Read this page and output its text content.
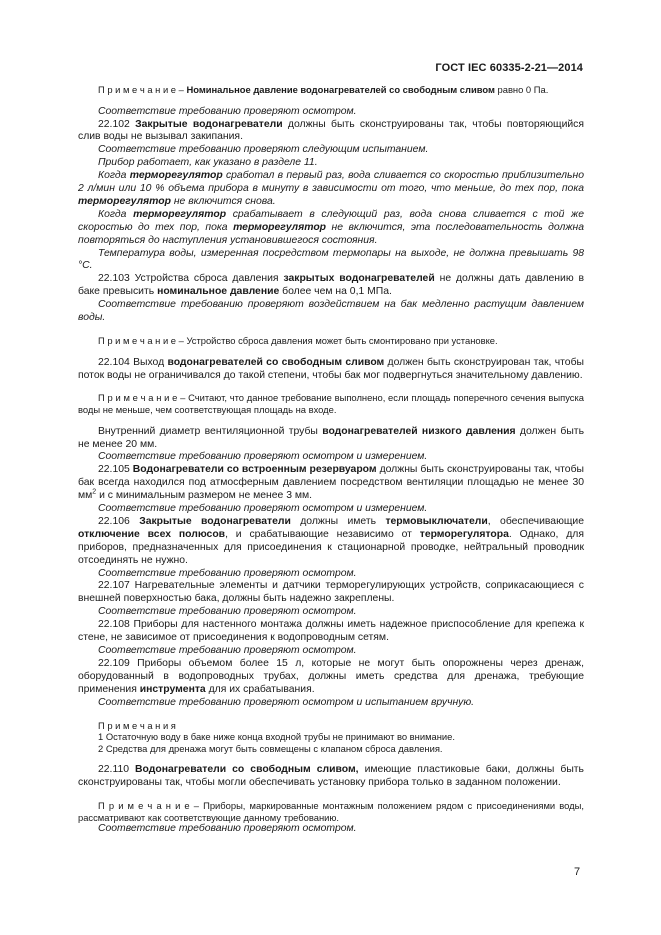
ГОСТ IEC 60335-2-21—2014

П р и м е ч а н и е – Номинальное давление водонагревателей со свободным сливом равно 0 Па.

Соответствие требованию проверяют осмотром.

22.102 Закрытые водонагреватели должны быть сконструированы так, чтобы повторяющийся слив воды не вызывал закипания.

Соответствие требованию проверяют следующим испытанием.

Прибор работает, как указано в разделе 11.

Когда терморегулятор сработал в первый раз, вода сливается со скоростью приблизительно 2 л/мин или 10 % объема прибора в минуту в зависимости от того, что меньше, до тех пор, пока терморегулятор не включится снова.

Когда терморегулятор срабатывает в следующий раз, вода снова сливается с той же скоростью до тех пор, пока терморегулятор не включится, эта последовательность должна повторяться до наступления установившегося состояния.

Температура воды, измеренная посредством термопары на выходе, не должна превышать 98 °С.

22.103 Устройства сброса давления закрытых водонагревателей не должны дать давлению в баке превысить номинальное давление более чем на 0,1 МПа.

Соответствие требованию проверяют воздействием на бак медленно растущим давлением воды.

П р и м е ч а н и е – Устройство сброса давления может быть смонтировано при установке.

22.104 Выход водонагревателей со свободным сливом должен быть сконструирован так, чтобы поток воды не ограничивался до такой степени, чтобы бак мог подвергнуться значительному давлению.

П р и м е ч а н и е – Считают, что данное требование выполнено, если площадь поперечного сечения выпуска воды не меньше, чем соответствующая площадь на входе.

Внутренний диаметр вентиляционной трубы водонагревателей низкого давления должен быть не менее 20 мм.

Соответствие требованию проверяют осмотром и измерением.

22.105 Водонагреватели со встроенным резервуаром должны быть сконструированы так, чтобы бак всегда находился под атмосферным давлением посредством вентиляции площадью не менее 30 $мм^2$ и с минимальным размером не менее 3 мм.

Соответствие требованию проверяют осмотром и измерением.

22.106 Закрытые водонагреватели должны иметь термовыключатели, обеспечивающие отключение всех полюсов, и срабатывающие независимо от терморегулятора. Однако, для приборов, предназначенных для присоединения к стационарной проводке, нейтральный проводник отсоединять не нужно.

Соответствие требованию проверяют осмотром.

22.107 Нагревательные элементы и датчики терморегулирующих устройств, соприкасающиеся с внешней поверхностью бака, должны быть надежно закреплены.

Соответствие требованию проверяют осмотром.

22.108 Приборы для настенного монтажа должны иметь надежное приспособление для крепежа к стене, не зависимое от присоединения к водопроводным сетям.

Соответствие требованию проверяют осмотром.

22.109 Приборы объемом более 15 л, которые не могут быть опорожнены через дренаж, оборудованный в водопроводных трубах, должны иметь средства для дренажа, требующие применения инструмента для их срабатывания.

Соответствие требованию проверяют осмотром и испытанием вручную.

П р и м е ч а н и я

1 Остаточную воду в баке ниже конца входной трубы не принимают во внимание.

2 Средства для дренажа могут быть совмещены с клапаном сброса давления.

22.110 Водонагреватели со свободным сливом, имеющие пластиковые баки, должны быть сконструированы так, чтобы могли обеспечивать установку прибора только в заданном положении.

П р и м е ч а н и е – Приборы, маркированные монтажным положением рядом с присоединениями воды, рассматривают как соответствующие данному требованию.

Соответствие требованию проверяют осмотром.

7
